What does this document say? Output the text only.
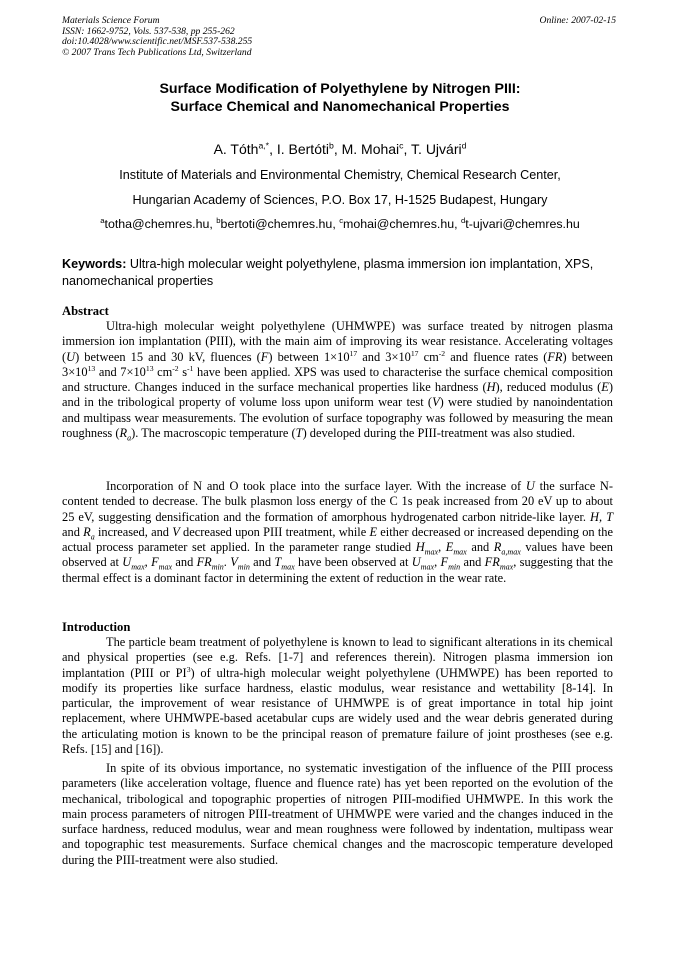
Materials Science Forum
ISSN: 1662-9752, Vols. 537-538, pp 255-262
doi:10.4028/www.scientific.net/MSF.537-538.255
© 2007 Trans Tech Publications Ltd, Switzerland
Online: 2007-02-15
Surface Modification of Polyethylene by Nitrogen PIII:
Surface Chemical and Nanomechanical Properties
A. Tóth$^{a,*}$, I. Bertóti$^b$, M. Mohai$^c$, T. Ujvári$^d$
Institute of Materials and Environmental Chemistry, Chemical Research Center,
Hungarian Academy of Sciences, P.O. Box 17, H-1525 Budapest, Hungary
$^a$totha@chemres.hu, $^b$bertoti@chemres.hu, $^c$mohai@chemres.hu, $^d$t-ujvari@chemres.hu
Keywords: Ultra-high molecular weight polyethylene, plasma immersion ion implantation, XPS, nanomechanical properties
Abstract
Ultra-high molecular weight polyethylene (UHMWPE) was surface treated by nitrogen plasma immersion ion implantation (PIII), with the main aim of improving its wear resistance. Accelerating voltages (U) between 15 and 30 kV, fluences (F) between $1\times 10^{17}$ and $3\times 10^{17}$ $cm^{-2}$ and fluence rates (FR) between $3\times 10^{13}$ and $7\times 10^{13}$ $cm^{-2}$ $s^{-1}$ have been applied. XPS was used to characterise the surface chemical composition and structure. Changes induced in the surface mechanical properties like hardness (H), reduced modulus (E) and in the tribological property of volume loss upon uniform wear test (V) were studied by nanoindentation and multipass wear measurements. The evolution of surface topography was followed by measuring the mean roughness $(R_a)$. The macroscopic temperature (T) developed during the PIII-treatment was also studied.
Incorporation of N and O took place into the surface layer. With the increase of U the surface N-content tended to decrease. The bulk plasmon loss energy of the C 1s peak increased from 20 eV up to about 25 eV, suggesting densification and the formation of amorphous hydrogenated carbon nitride-like layer. H, T and $R_a$ increased, and V decreased upon PIII treatment, while E either decreased or increased depending on the actual process parameter set applied. In the parameter range studied $H_{max}$, $E_{max}$ and $R_{a,max}$ values have been observed at $U_{max}$, $F_{max}$ and $FR_{min}$. $V_{min}$ and $T_{max}$ have been observed at $U_{max}$, $F_{min}$ and $FR_{max}$, suggesting that the thermal effect is a dominant factor in determining the extent of reduction in the wear rate.
Introduction
The particle beam treatment of polyethylene is known to lead to significant alterations in its chemical and physical properties (see e.g. Refs. [1-7] and references therein). Nitrogen plasma immersion ion implantation (PIII or $PI^3$) of ultra-high molecular weight polyethylene (UHMWPE) has been reported to modify its properties like surface hardness, elastic modulus, wear resistance and wettability [8-14]. In particular, the improvement of wear resistance of UHMWPE is of great importance in total hip joint replacement, where UHMWPE-based acetabular cups are widely used and the wear debris generated during the articulating motion is known to be the principal reason of premature failure of joint prostheses (see e.g. Refs. [15] and [16]).
In spite of its obvious importance, no systematic investigation of the influence of the PIII process parameters (like acceleration voltage, fluence and fluence rate) has yet been reported on the evolution of the mechanical, tribological and topographic properties of nitrogen PIII-modified UHMWPE. In this work the main process parameters of nitrogen PIII-treatment of UHMWPE were varied and the changes induced in the surface hardness, reduced modulus, wear and mean roughness were followed by indentation, multipass wear and topographic test measurements. Surface chemical changes and the macroscopic temperature developed during the PIII-treatment were also studied.
